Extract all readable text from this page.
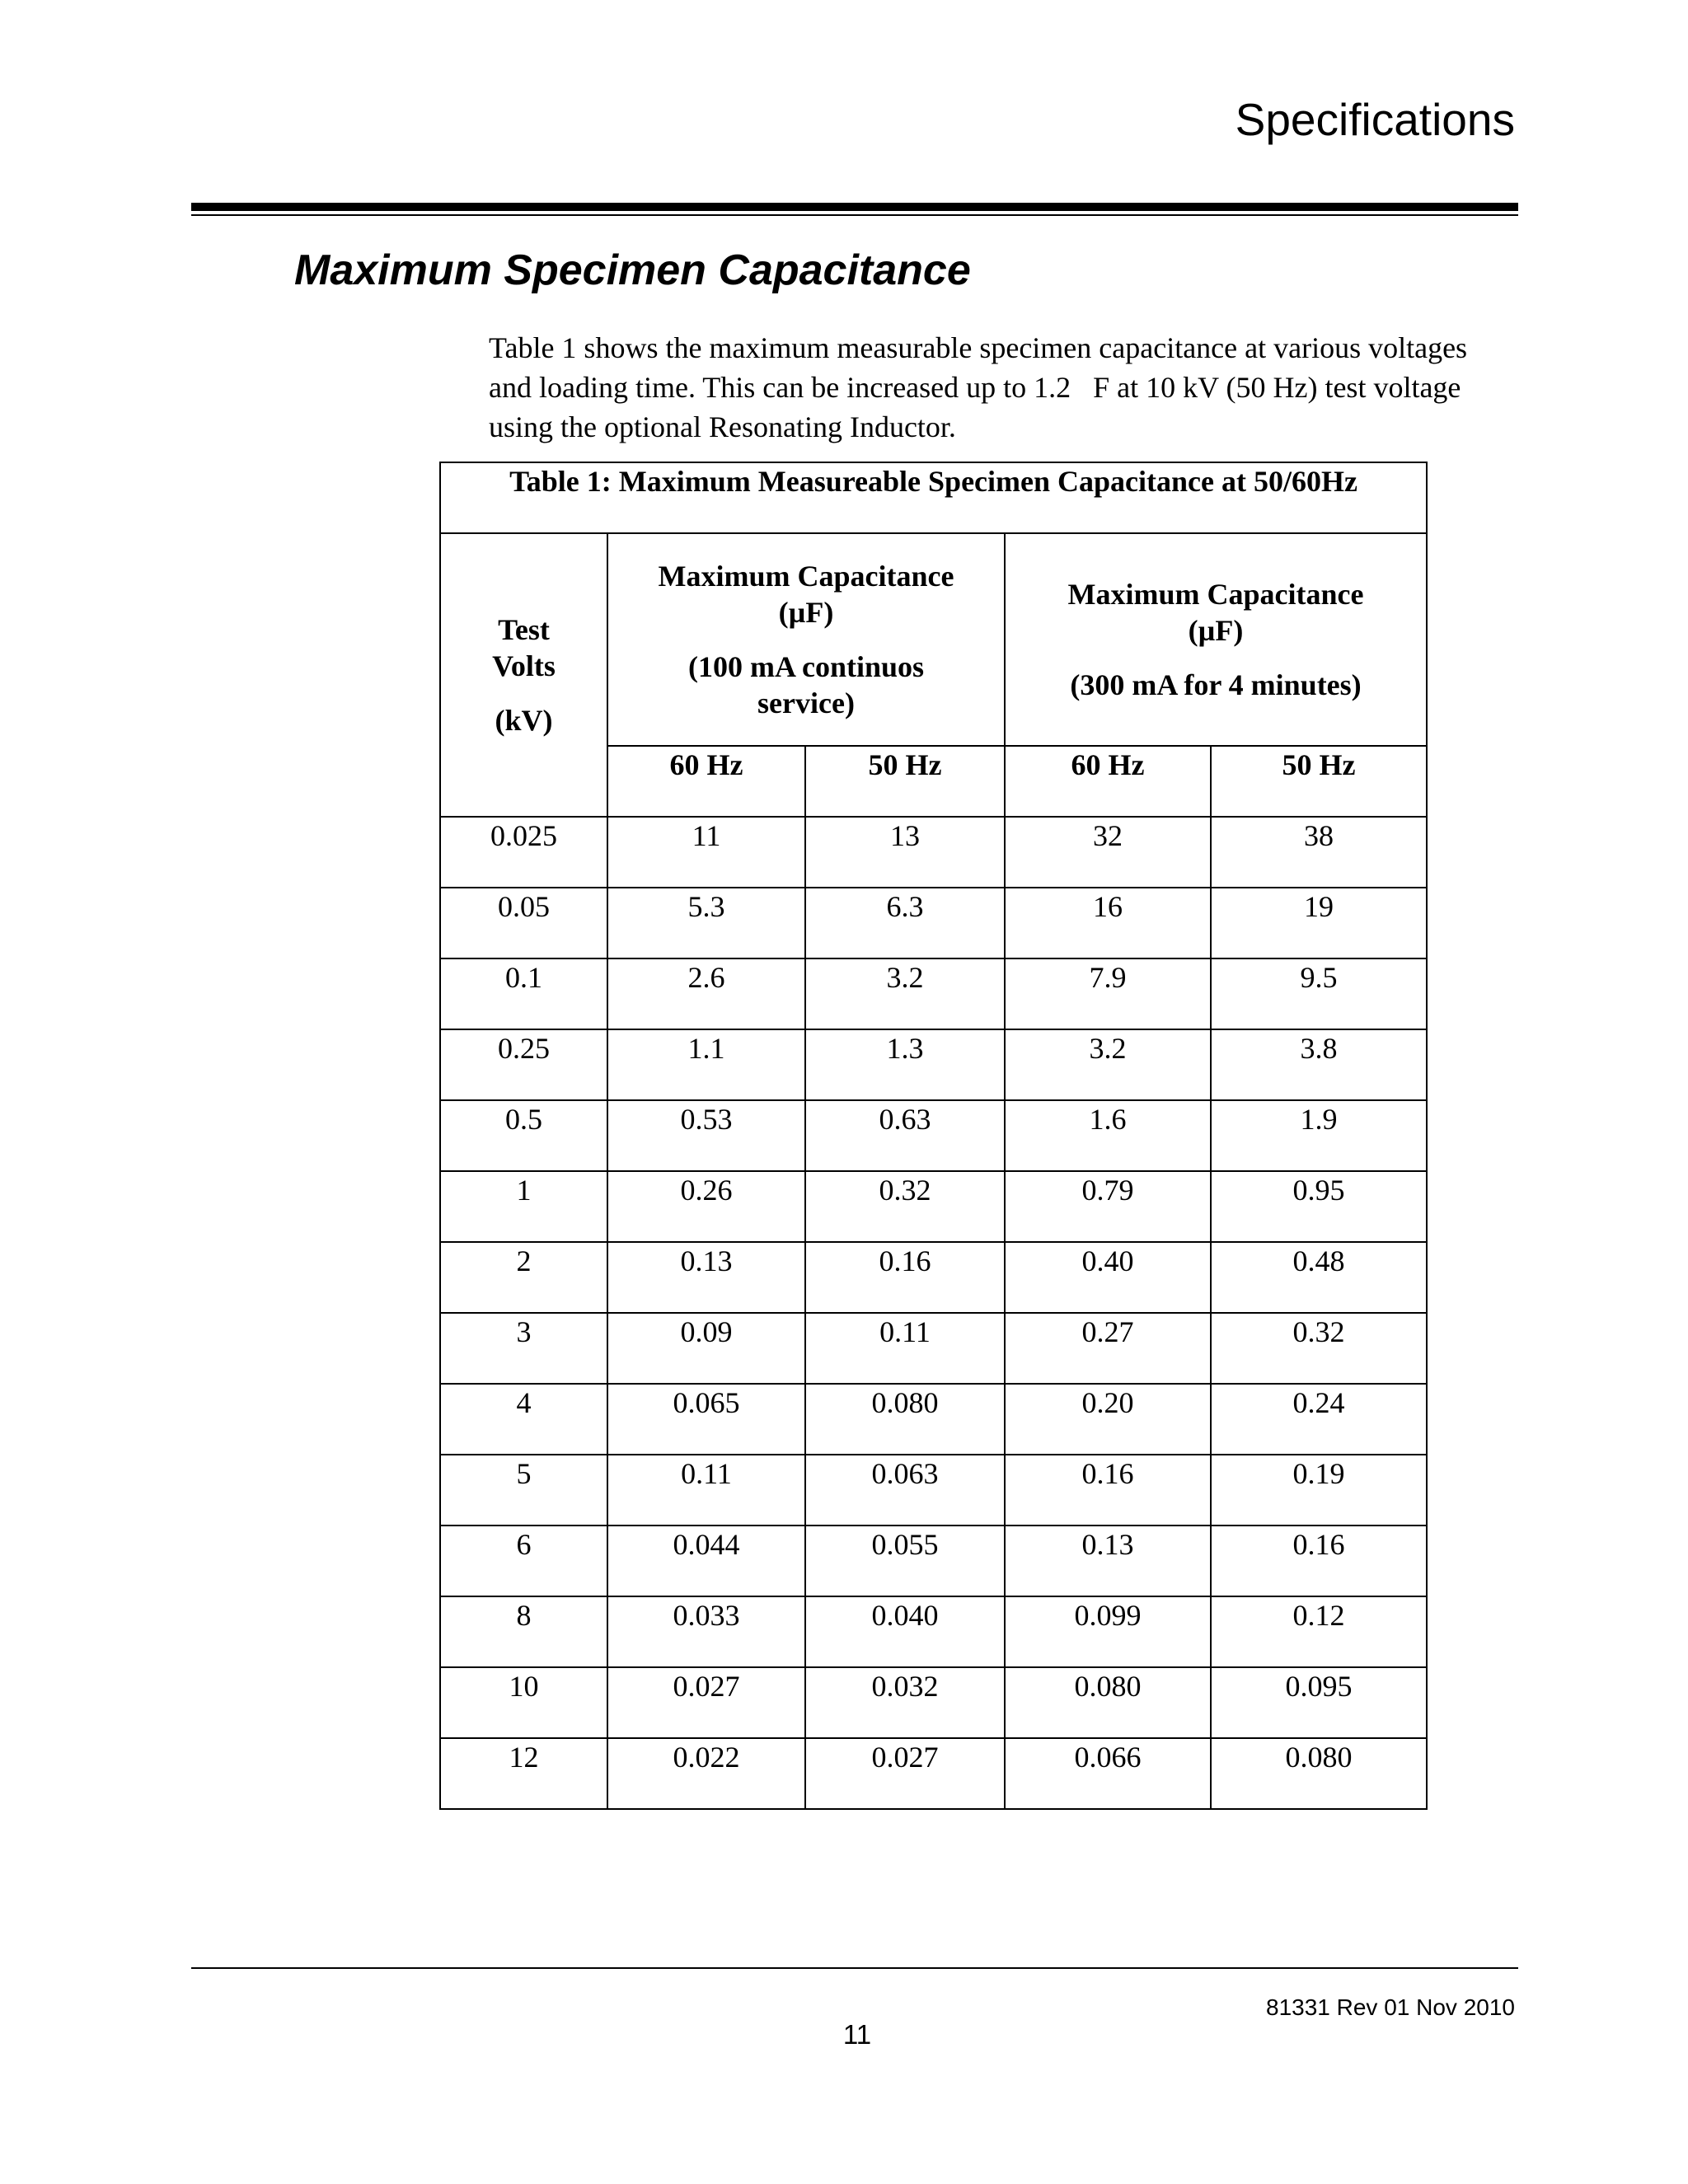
Specifications
Maximum Specimen Capacitance

Table 1 shows the maximum measurable specimen capacitance at various voltages and loading time. This can be increased up to 1.2   F at 10 kV (50 Hz) test voltage using the optional Resonating Inductor.

Table 1: Maximum Measureable Specimen Capacitance at 50/60Hz				

Test
Volts
(kV)	Maximum Capacitance
(µF)
(100 mA continuos
service)		Maximum Capacitance
(µF)
(300 mA for 4 minutes)	

	60 Hz	50 Hz	60 Hz	50 Hz
0.025	11	13	32	38
0.05	5.3	6.3	16	19
0.1	2.6	3.2	7.9	9.5
0.25	1.1	1.3	3.2	3.8
0.5	0.53	0.63	1.6	1.9
1	0.26	0.32	0.79	0.95
2	0.13	0.16	0.40	0.48
3	0.09	0.11	0.27	0.32
4	0.065	0.080	0.20	0.24
5	0.11	0.063	0.16	0.19
6	0.044	0.055	0.13	0.16
8	0.033	0.040	0.099	0.12
10	0.027	0.032	0.080	0.095
12	0.022	0.027	0.066	0.080
81331 Rev 01 Nov 2010
11
